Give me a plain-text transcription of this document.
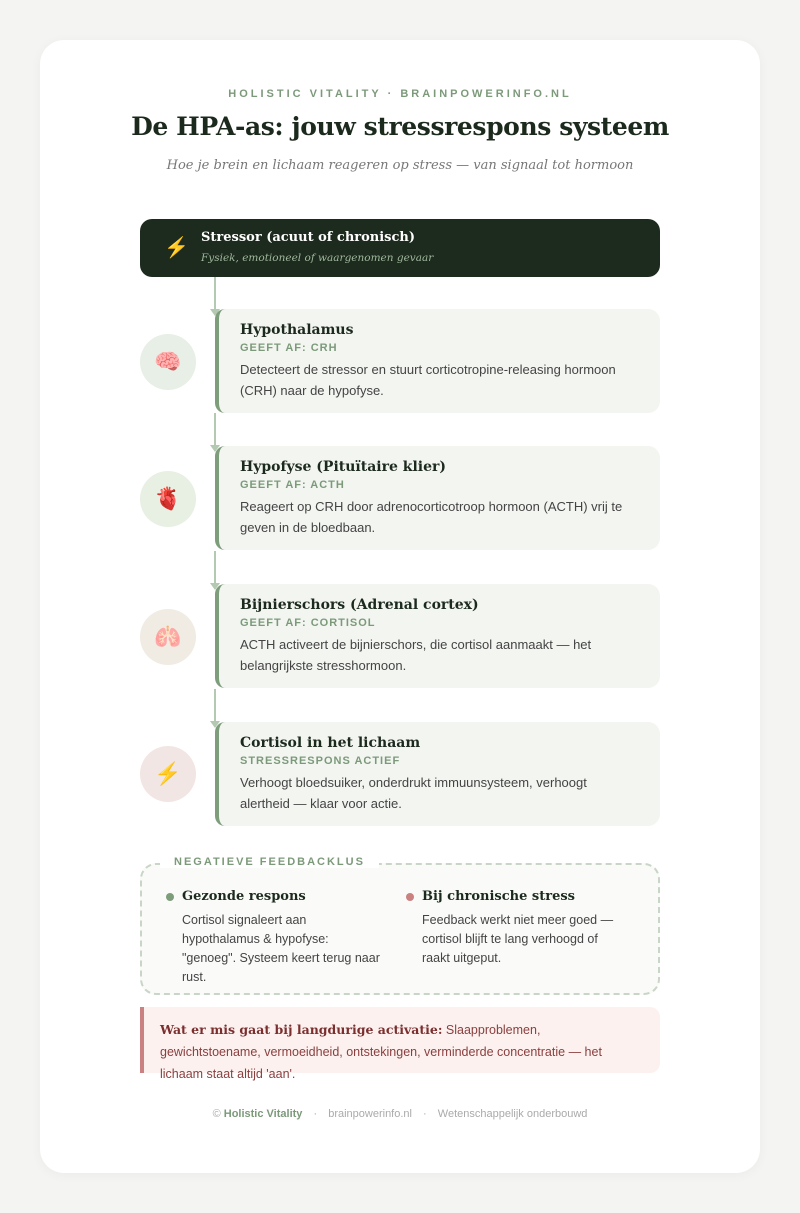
HOLISTIC VITALITY · BRAINPOWERINFO.NL
De HPA-as: jouw stressrespons systeem
Hoe je brein en lichaam reageren op stress — van signaal tot hormoon
⚡ Stressor (acuut of chronisch)
Fysiek, emotioneel of waargenomen gevaar
🧠
Hypothalamus
GEEFT AF: CRH
Detecteert de stressor en stuurt corticotropine-releasing hormoon (CRH) naar de hypofyse.
🫀
Hypofyse (Pituïtaire klier)
GEEFT AF: ACTH
Reageert op CRH door adrenocorticotroop hormoon (ACTH) vrij te geven in de bloedbaan.
🫁
Bijnierschors (Adrenal cortex)
GEEFT AF: CORTISOL
ACTH activeert de bijnierschors, die cortisol aanmaakt — het belangrijkste stresshormoon.
⚡
Cortisol in het lichaam
STRESSRESPONS ACTIEF
Verhoogt bloedsuiker, onderdrukt immuunsysteem, verhoogt alertheid — klaar voor actie.
NEGATIEVE FEEDBACKLUS
Gezonde respons
Cortisol signaleert aan hypothalamus & hypofyse: "genoeg". Systeem keert terug naar rust.
Bij chronische stress
Feedback werkt niet meer goed — cortisol blijft te lang verhoogd of raakt uitgeput.
Wat er mis gaat bij langdurige activatie: Slaapproblemen, gewichtstoename, vermoeidheid, ontstekingen, verminderde concentratie — het lichaam staat altijd 'aan'.
© Holistic Vitality · brainpowerinfo.nl · Wetenschappelijk onderbouwd
